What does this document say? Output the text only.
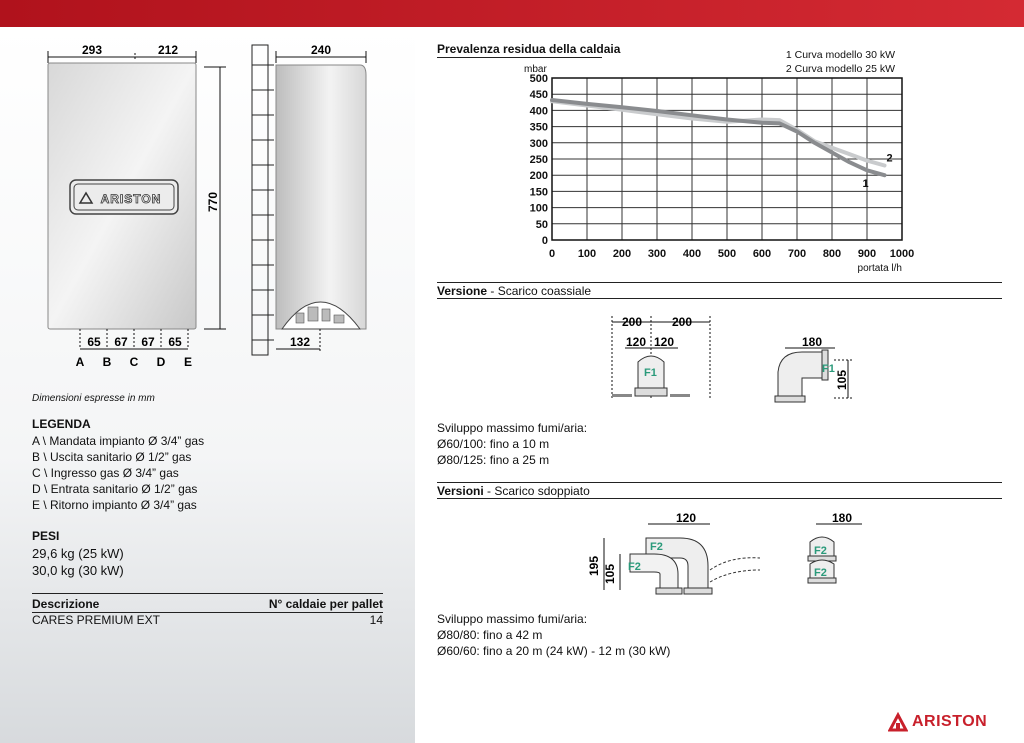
293	212
ARISTON	770
65 67 67 65
A B C D E
240
132
Dimensioni espresse in mm
LEGENDA
A \ Mandata impianto Ø 3/4” gas
B \ Uscita sanitario Ø 1/2” gas
C \ Ingresso gas Ø 3/4” gas
D \ Entrata sanitario Ø 1/2” gas
E \ Ritorno impianto Ø 3/4” gas
PESI
29,6 kg (25 kW)
30,0 kg (30 kW)
Descrizione	N° caldaie per pallet
CARES PREMIUM EXT	14
Prevalenza residua della caldaia	1 Curva modello 30 kW
2 Curva modello 25 kW
0 100 200 300 400 500 600 700 800 900 1000
0
50
100
150
200
250
300
350
400
450
500
mbar
portata l/h
2
1
Versione - Scarico coassiale
200 200
120 120
F1
180
F1
105
Sviluppo massimo fumi/aria:
Ø60/100: fino a 10 m
Ø80/125: fino a 25 m
Versioni - Scarico sdoppiato
120
195 105
F2
F2
180
F2
F2
Sviluppo massimo fumi/aria:
Ø80/80: fino a 42 m
Ø60/60: fino a 20 m (24 kW) - 12 m (30 kW)
ARISTON
